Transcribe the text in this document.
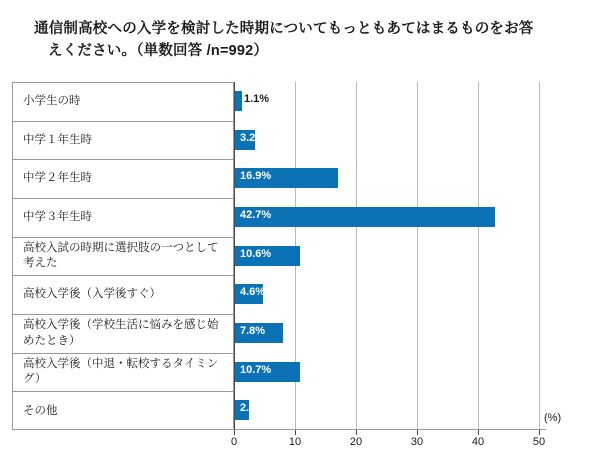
通信制高校への入学を検討した時期についてもっともあてはまるものをお答
えください。（単数回答 /n=992）
小学生の時
中学１年生時
中学２年生時
中学３年生時
高校入試の時期に選択肢の一つとして考えた
高校入学後（入学後すぐ）
高校入学後（学校生活に悩みを感じ始めたとき）
高校入学後（中退・転校するタイミング）
その他
1.1%
3.2%
16.9%
42.7%
10.6%
4.6%
7.8%
10.7%
2.3%
(%)
0	10	20	30	40	50
